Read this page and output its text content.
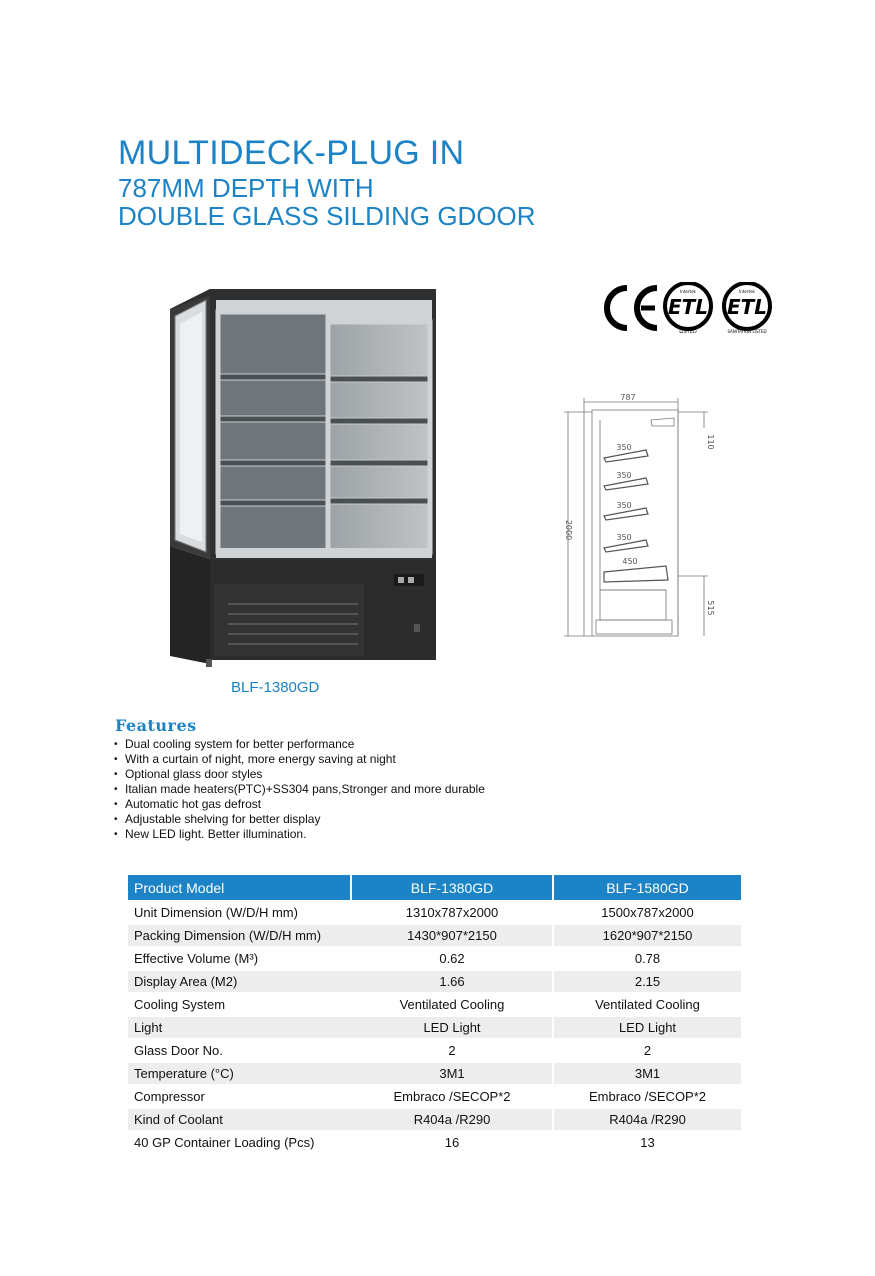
MULTIDECK-PLUG IN
787MM DEPTH WITH
DOUBLE GLASS SILDING GDOOR
ETL
LISTED
Intertek
ETL
SANITATION LISTED
Intertek
BLF-1380GD
787
350
350
350
350
450
2000
110
515
Features
• Dual cooling system for better performance
• With a curtain of night, more energy saving at night
• Optional glass door styles
• Italian made heaters(PTC)+SS304 pans,Stronger and more durable
• Automatic hot gas defrost
• Adjustable shelving for better display
• New LED light. Better illumination.
Product Model	BLF-1380GD	BLF-1580GD
Unit Dimension (W/D/H mm)	1310x787x2000	1500x787x2000
Packing Dimension (W/D/H mm)	1430*907*2150	1620*907*2150
Effective Volume (M³)	0.62	0.78
Display Area (M2)	1.66	2.15
Cooling System	Ventilated Cooling	Ventilated Cooling
Light	LED Light	LED Light
Glass Door No.	2	2
Temperature (°C)	3M1	3M1
Compressor	Embraco /SECOP*2	Embraco /SECOP*2
Kind of Coolant	R404a /R290	R404a /R290
40 GP Container Loading (Pcs)	16	13
